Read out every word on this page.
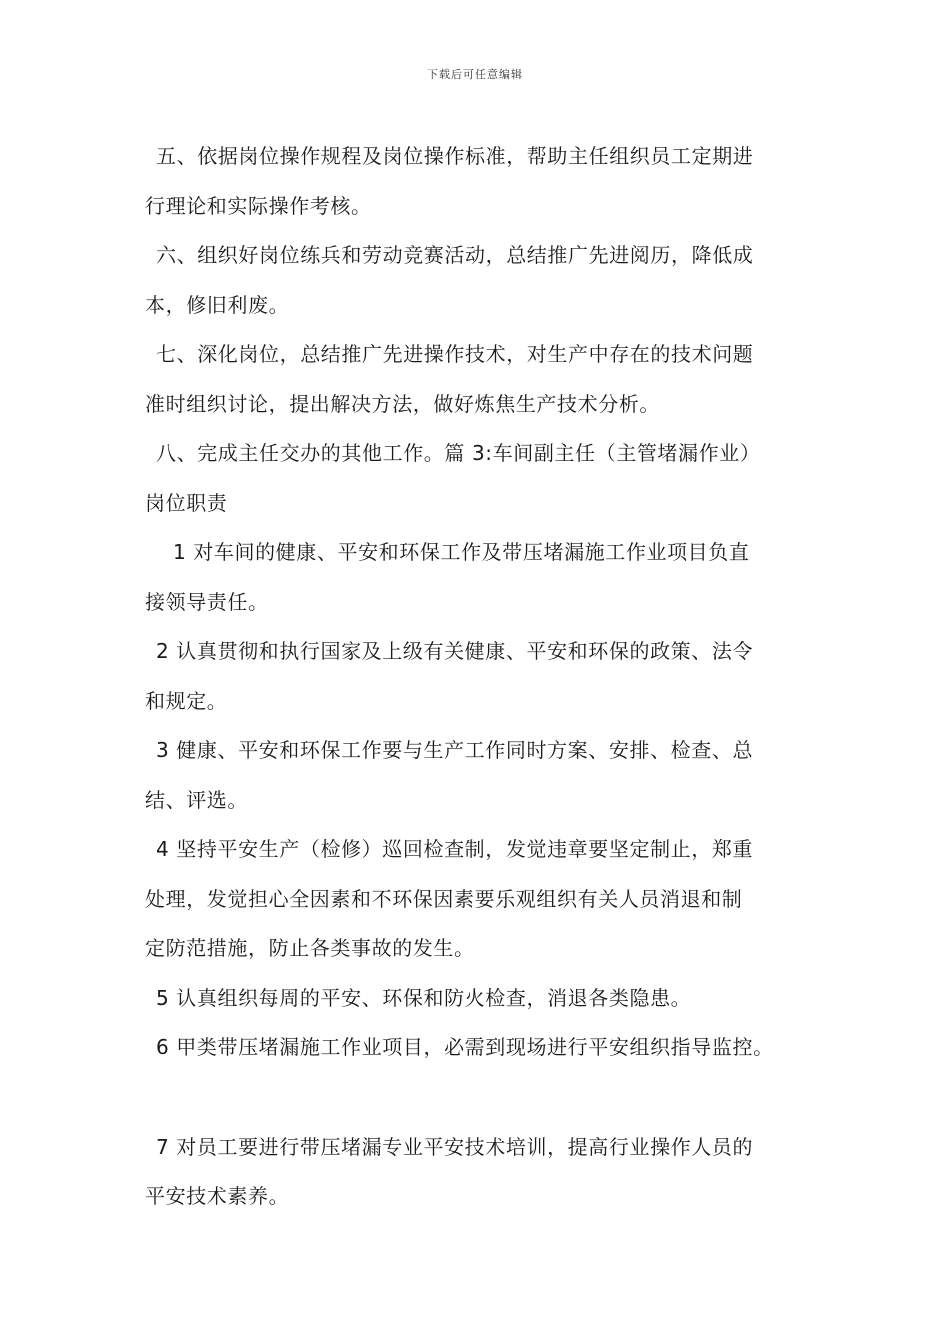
下载后可任意编辑
五、依据岗位操作规程及岗位操作标准，帮助主任组织员工定期进
行理论和实际操作考核。
六、组织好岗位练兵和劳动竞赛活动，总结推广先进阅历，降低成
本，修旧利废。
七、深化岗位，总结推广先进操作技术，对生产中存在的技术问题
准时组织讨论，提出解决方法，做好炼焦生产技术分析。
八、完成主任交办的其他工作。篇 3:车间副主任（主管堵漏作业）
岗位职责
1 对车间的健康、平安和环保工作及带压堵漏施工作业项目负直
接领导责任。
2 认真贯彻和执行国家及上级有关健康、平安和环保的政策、法令
和规定。
3 健康、平安和环保工作要与生产工作同时方案、安排、检查、总
结、评选。
4 坚持平安生产（检修）巡回检查制，发觉违章要坚定制止，郑重
处理，发觉担心全因素和不环保因素要乐观组织有关人员消退和制
定防范措施，防止各类事故的发生。
5 认真组织每周的平安、环保和防火检查，消退各类隐患。
6 甲类带压堵漏施工作业项目，必需到现场进行平安组织指导监控。
7 对员工要进行带压堵漏专业平安技术培训，提高行业操作人员的
平安技术素养。
